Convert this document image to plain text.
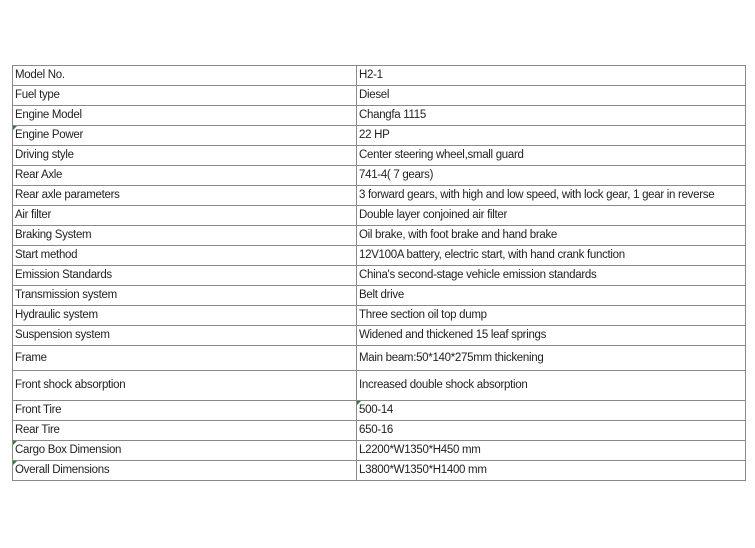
Model No.	H2-1
Fuel type	Diesel
Engine Model	Changfa 1115
Engine Power	22 HP
Driving style	Center steering wheel,small guard
Rear Axle	741-4( 7 gears)
Rear axle parameters	3 forward gears, with high and low speed, with lock gear, 1 gear in reverse
Air filter	Double layer conjoined air filter
Braking System	Oil brake, with foot brake and hand brake
Start method	12V100A battery, electric start, with hand crank function
Emission Standards	China's second-stage vehicle emission standards
Transmission system	Belt drive
Hydraulic system	Three section oil top dump
Suspension system	Widened and thickened 15 leaf springs
Frame	Main beam:50*140*275mm thickening
Front shock absorption	Increased double shock absorption
Front Tire	500-14
Rear Tire	650-16
Cargo Box Dimension	L2200*W1350*H450 mm
Overall Dimensions	L3800*W1350*H1400 mm
